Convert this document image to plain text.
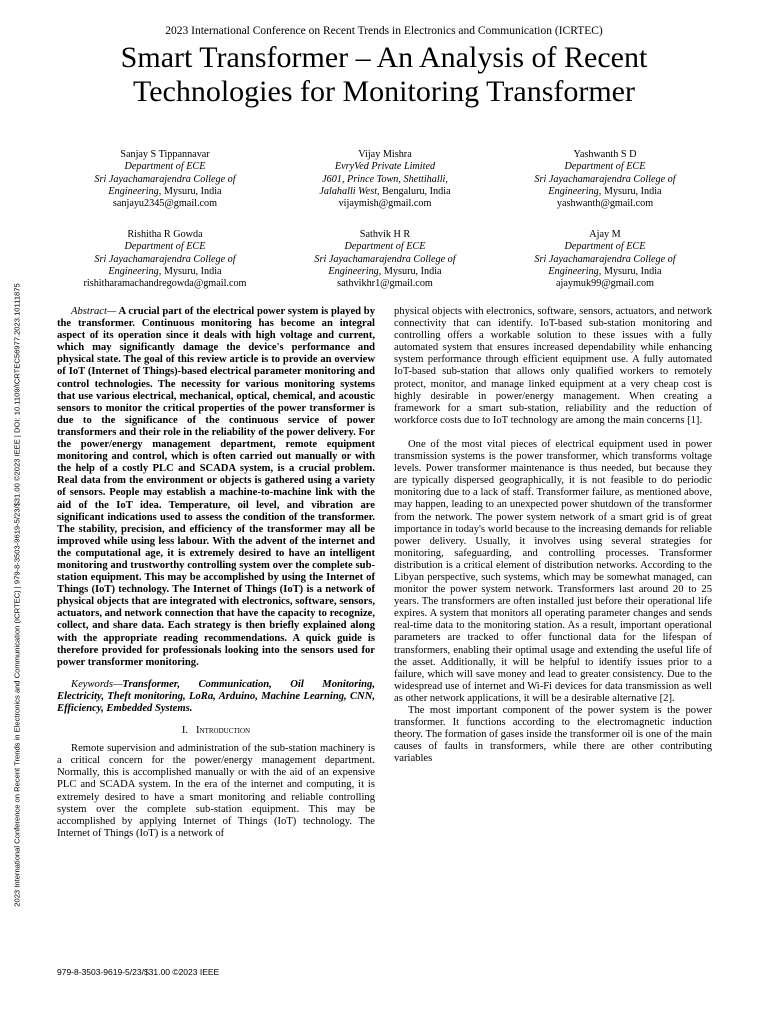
2023 International Conference on Recent Trends in Electronics and Communication (ICRTEC)
Smart Transformer – An Analysis of Recent
Technologies for Monitoring Transformer
2023 International Conference on Recent Trends in Electronics and Communication (ICRTEC) | 979-8-3503-9619-5/23/$31.00 ©2023 IEEE | DOI: 10.1109/ICRTEC56977.2023.10111875
Sanjay S Tippannavar
Department of ECE
Sri Jayachamarajendra College of
Engineering, Mysuru, India
sanjayu2345@gmail.com
Vijay Mishra
EvryVed Private Limited
J601, Prince Town, Shettihalli,
Jalahalli West, Bengaluru, India
vijaymish@gmail.com
Yashwanth S D
Department of ECE
Sri Jayachamarajendra College of
Engineering, Mysuru, India
yashwanth@gmail.com
Rishitha R Gowda
Department of ECE
Sri Jayachamarajendra College of
Engineering, Mysuru, India
rishitharamachandregowda@gmail.com
Sathvik H R
Department of ECE
Sri Jayachamarajendra College of
Engineering, Mysuru, India
sathvikhr1@gmail.com
Ajay M
Department of ECE
Sri Jayachamarajendra College of
Engineering, Mysuru, India
ajaymuk99@gmail.com

Abstract— A crucial part of the electrical power system is played by the transformer. Continuous monitoring has become an integral aspect of its operation since it deals with high voltage and current, which may significantly damage the device's performance and physical state. The goal of this review article is to provide an overview of IoT (Internet of Things)-based electrical parameter monitoring and control technologies. The necessity for various monitoring systems that use various electrical, mechanical, optical, chemical, and acoustic sensors to monitor the critical properties of the power transformer is due to the significance of the continuous service of power transformers and their role in the reliability of the power delivery. For the power/energy management department, remote equipment monitoring and control, which is often carried out manually or with the help of a costly PLC and SCADA system, is a crucial problem. Real data from the environment or objects is gathered using a variety of sensors. People may establish a machine-to-machine link with the aid of the IoT idea. Temperature, oil level, and vibration are significant indications used to assess the condition of the transformer. The stability, precision, and efficiency of the transformer may all be improved while using less labour. With the advent of the internet and the computational age, it is extremely desired to have an intelligent monitoring and trustworthy controlling system over the complete sub-station equipment. This may be accomplished by using the Internet of Things (IoT) technology. The Internet of Things (IoT) is a network of physical objects that are integrated with electronics, software, sensors, actuators, and network connection that have the capacity to recognize, collect, and share data. Each strategy is then briefly explained along with the appropriate reading recommendations. A quick guide is therefore provided for professionals looking into the sensors used for power transformer monitoring.

Keywords—Transformer, Communication, Oil Monitoring, Electricity, Theft monitoring, LoRa, Arduino, Machine Learning, CNN, Efficiency, Embedded Systems.

I. Introduction

Remote supervision and administration of the sub-station machinery is a critical concern for the power/energy management department. Normally, this is accomplished manually or with the aid of an expensive PLC and SCADA system. In the era of the internet and computing, it is extremely desired to have a smart monitoring and reliable controlling system over the complete sub-station equipment. This may be accomplished by applying Internet of Things (IoT) technology. The Internet of Things (IoT) is a network of

physical objects with electronics, software, sensors, actuators, and network connectivity that can identify. IoT-based sub-station monitoring and controlling offers a workable solution to these issues with a fully automated system that ensures increased dependability while enhancing system performance through efficient equipment use. A fully automated IoT-based sub-station that allows only qualified workers to remotely protect, monitor, and manage linked equipment at a very cheap cost is highly desirable in power/energy management. When creating a framework for a smart sub-station, reliability and the reduction of workforce costs due to IoT technology are among the main concerns [1].

One of the most vital pieces of electrical equipment used in power transmission systems is the power transformer, which transforms voltage levels. Power transformer maintenance is thus needed, but because they are typically dispersed geographically, it is not feasible to do periodic monitoring due to a lack of staff. Transformer failure, as mentioned above, may happen, leading to an unexpected power shutdown of the transformer from the network. The power system network of a smart grid is of great importance in today's world because to the increasing demands for reliable power delivery. Usually, it involves using several strategies for monitoring, safeguarding, and controlling processes. Transformer distribution is a critical element of distribution networks. According to the Libyan perspective, such systems, which may be somewhat managed, can monitor the power system network. Transformers last around 20 to 25 years. The transformers are often installed just before their operational life expires. A system that monitors all operating parameter changes and sends real-time data to the monitoring station. As a result, important operational parameters are tracked to offer functional data for the lifespan of transformers, enabling their optimal usage and extending the useful life of the asset. Additionally, it will be helpful to identify issues prior to a failure, which will save money and lead to greater consistency. Due to the widespread use of internet and Wi-Fi devices for data transmission as well as other network applications, it will be a desirable alternative [2].

The most important component of the power system is the power transformer. It functions according to the electromagnetic induction theory. The formation of gases inside the transformer oil is one of the main causes of faults in transformers, while there are other contributing variables

979-8-3503-9619-5/23/$31.00 ©2023 IEEE
